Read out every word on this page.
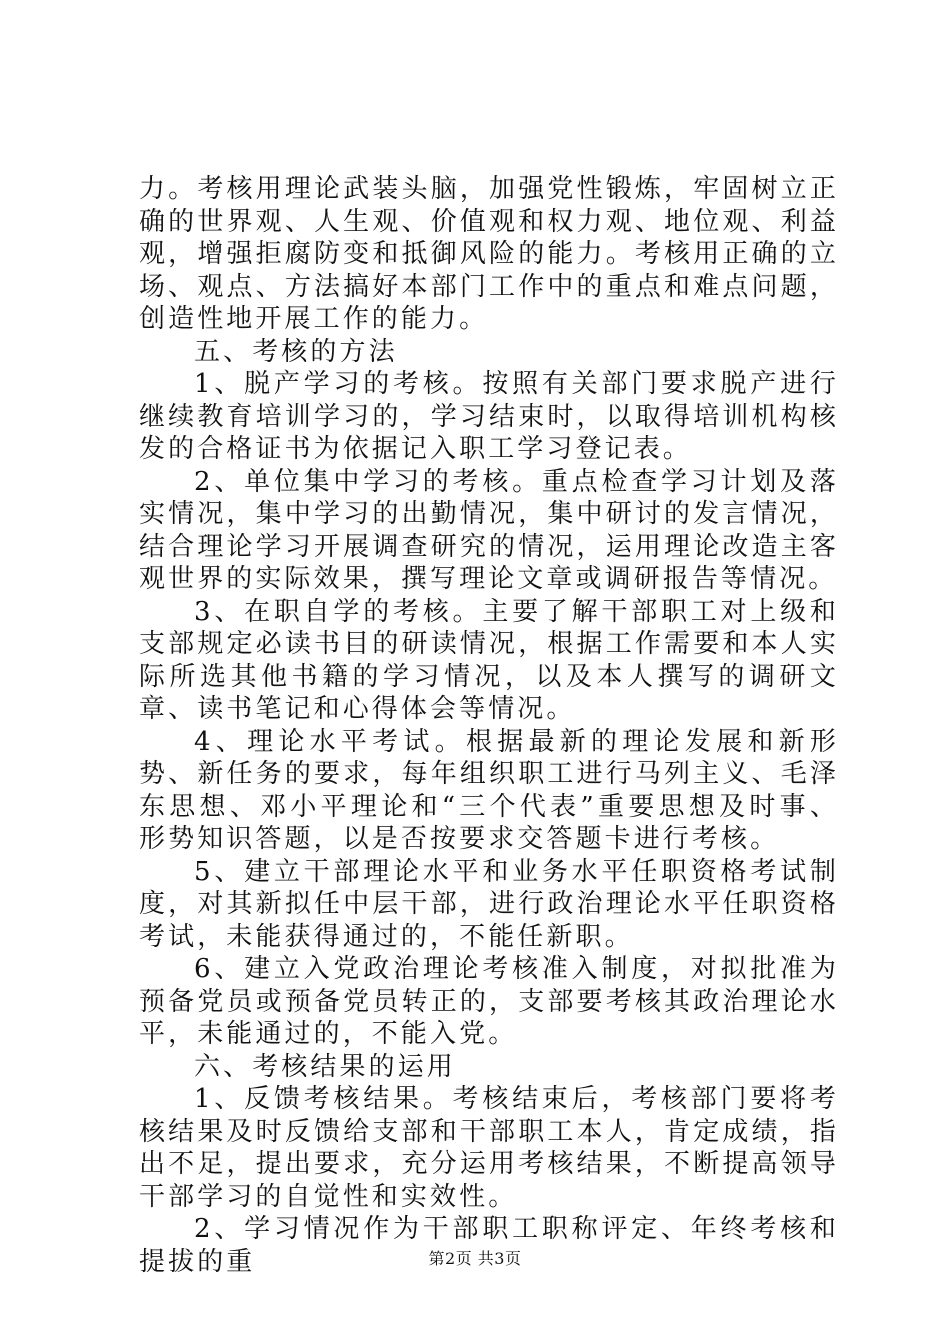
力。考核用理论武装头脑，加强党性锻炼，牢固树立正确的世界观、人生观、价值观和权力观、地位观、利益观，增强拒腐防变和抵御风险的能力。考核用正确的立场、观点、方法搞好本部门工作中的重点和难点问题，创造性地开展工作的能力。

五、考核的方法

1、脱产学习的考核。按照有关部门要求脱产进行继续教育培训学习的，学习结束时，以取得培训机构核发的合格证书为依据记入职工学习登记表。

2、单位集中学习的考核。重点检查学习计划及落实情况，集中学习的出勤情况，集中研讨的发言情况，结合理论学习开展调查研究的情况，运用理论改造主客观世界的实际效果，撰写理论文章或调研报告等情况。

3、在职自学的考核。主要了解干部职工对上级和支部规定必读书目的研读情况，根据工作需要和本人实际所选其他书籍的学习情况，以及本人撰写的调研文章、读书笔记和心得体会等情况。

4、理论水平考试。根据最新的理论发展和新形势、新任务的要求，每年组织职工进行马列主义、毛泽东思想、邓小平理论和“三个代表”重要思想及时事、形势知识答题，以是否按要求交答题卡进行考核。

5、建立干部理论水平和业务水平任职资格考试制度，对其新拟任中层干部，进行政治理论水平任职资格考试，未能获得通过的，不能任新职。

6、建立入党政治理论考核准入制度，对拟批准为预备党员或预备党员转正的，支部要考核其政治理论水平，未能通过的，不能入党。

六、考核结果的运用

1、反馈考核结果。考核结束后，考核部门要将考核结果及时反馈给支部和干部职工本人，肯定成绩，指出不足，提出要求，充分运用考核结果，不断提高领导干部学习的自觉性和实效性。

2、学习情况作为干部职工职称评定、年终考核和提拔的重	第2页 共3页
